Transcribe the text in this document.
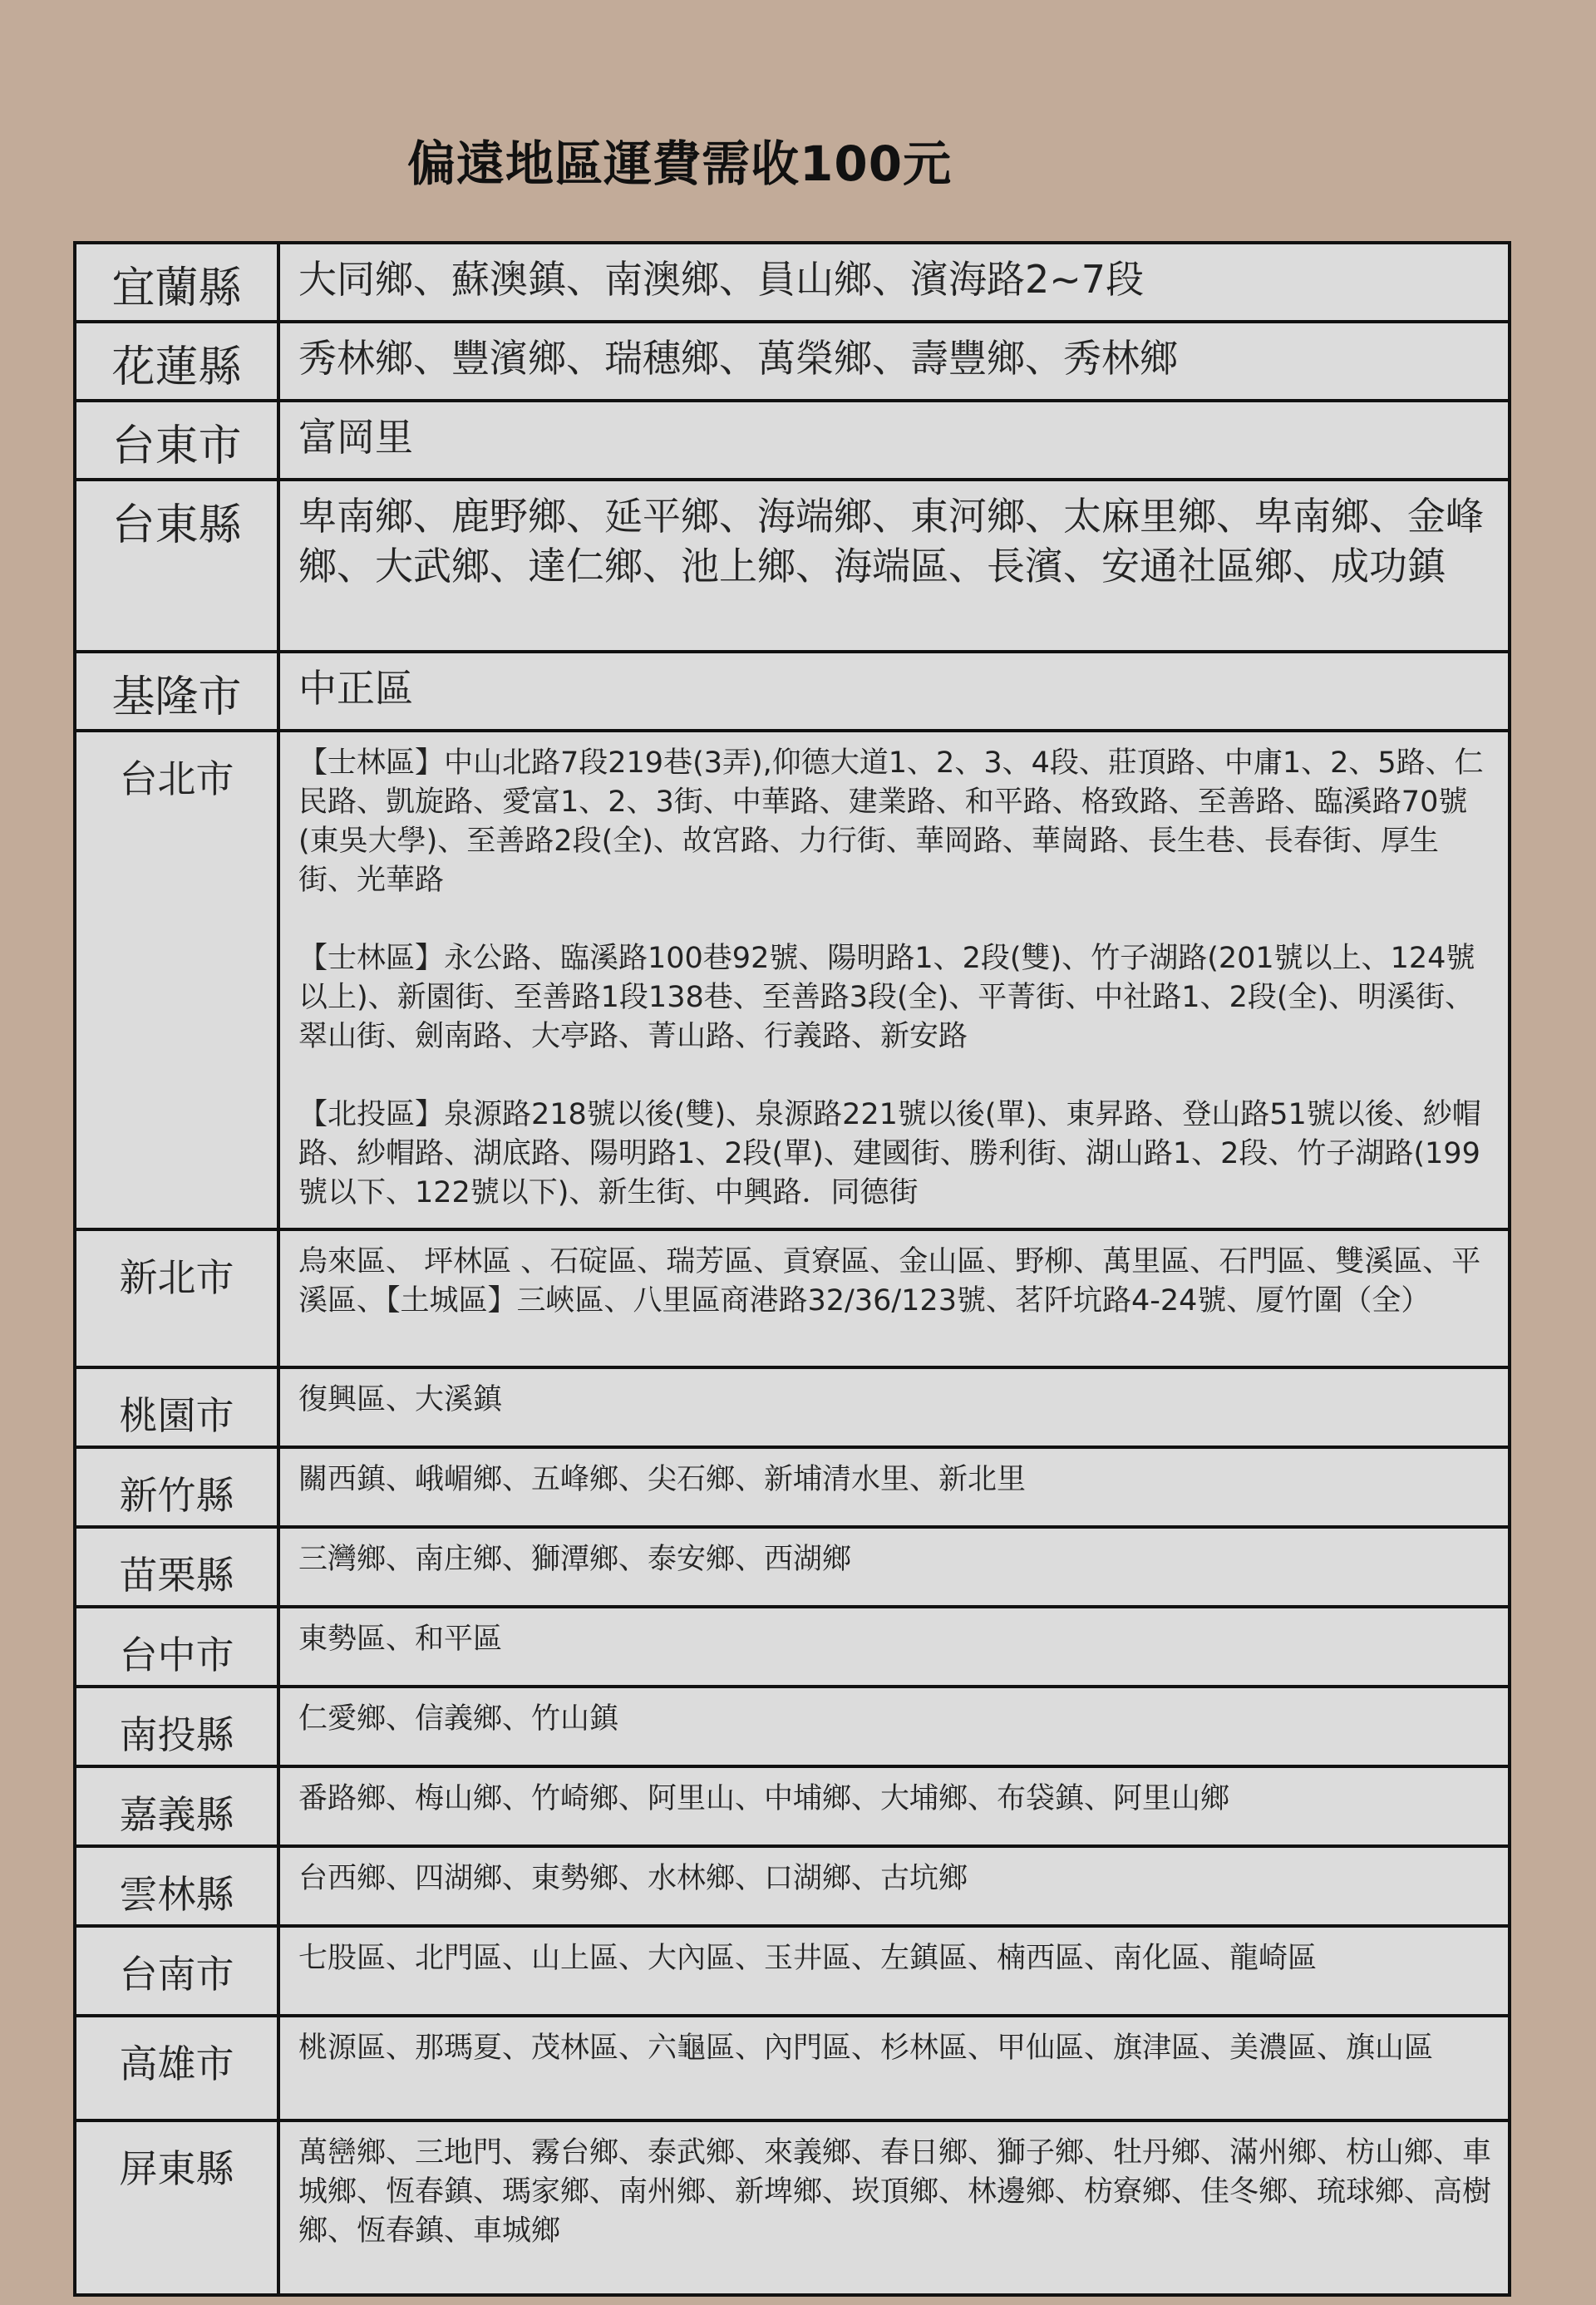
偏遠地區運費需收100元
宜蘭縣	大同鄉、蘇澳鎮、南澳鄉、員山鄉、濱海路2~7段

花蓮縣	秀林鄉、豐濱鄉、瑞穗鄉、萬榮鄉、壽豐鄉、秀林鄉

台東市	富岡里

台東縣	卑南鄉、鹿野鄉、延平鄉、海端鄉、東河鄉、太麻里鄉、卑南鄉、金峰鄉、大武鄉、達仁鄉、池上鄉、海端區、長濱、安通社區鄉、成功鎮

基隆市	中正區

台北市	【士林區】中山北路7段219巷(3弄),仰德大道1、2、3、4段、莊頂路、中庸1、2、5路、仁民路、凱旋路、愛富1、2、3街、中華路、建業路、和平路、格致路、至善路、臨溪路70號(東吳大學)、至善路2段(全)、故宮路、力行街、華岡路、華崗路、長生巷、長春街、厚生街、光華路

【士林區】永公路、臨溪路100巷92號、陽明路1、2段(雙)、竹子湖路(201號以上、124號以上)、新園街、至善路1段138巷、至善路3段(全)、平菁街、中社路1、2段(全)、明溪街、翠山街、劍南路、大亭路、菁山路、行義路、新安路

【北投區】泉源路218號以後(雙)、泉源路221號以後(單)、東昇路、登山路51號以後、紗帽路、紗帽路、湖底路、陽明路1、2段(單)、建國街、勝利街、湖山路1、2段、竹子湖路(199號以下、122號以下)、新生街、中興路．同德街

新北市	烏來區、 坪林區 、石碇區、瑞芳區、貢寮區、金山區、野柳、萬里區、石門區、雙溪區、平溪區、【土城區】三峽區、八里區商港路32/36/123號、茗阡坑路4-24號、厦竹圍（全）

桃園市	復興區、大溪鎮

新竹縣	關西鎮、峨嵋鄉、五峰鄉、尖石鄉、新埔清水里、新北里

苗栗縣	三灣鄉、南庄鄉、獅潭鄉、泰安鄉、西湖鄉

台中市	東勢區、和平區

南投縣	仁愛鄉、信義鄉、竹山鎮

嘉義縣	番路鄉、梅山鄉、竹崎鄉、阿里山、中埔鄉、大埔鄉、布袋鎮、阿里山鄉

雲林縣	台西鄉、四湖鄉、東勢鄉、水林鄉、口湖鄉、古坑鄉

台南市	七股區、北門區、山上區、大內區、玉井區、左鎮區、楠西區、南化區、龍崎區

高雄市	桃源區、那瑪夏、茂林區、六龜區、內門區、杉林區、甲仙區、旗津區、美濃區、旗山區

屏東縣	萬巒鄉、三地門、霧台鄉、泰武鄉、來義鄉、春日鄉、獅子鄉、牡丹鄉、滿州鄉、枋山鄉、車城鄉、恆春鎮、瑪家鄉、南州鄉、新埤鄉、崁頂鄉、林邊鄉、枋寮鄉、佳冬鄉、琉球鄉、高樹鄉、恆春鎮、車城鄉
